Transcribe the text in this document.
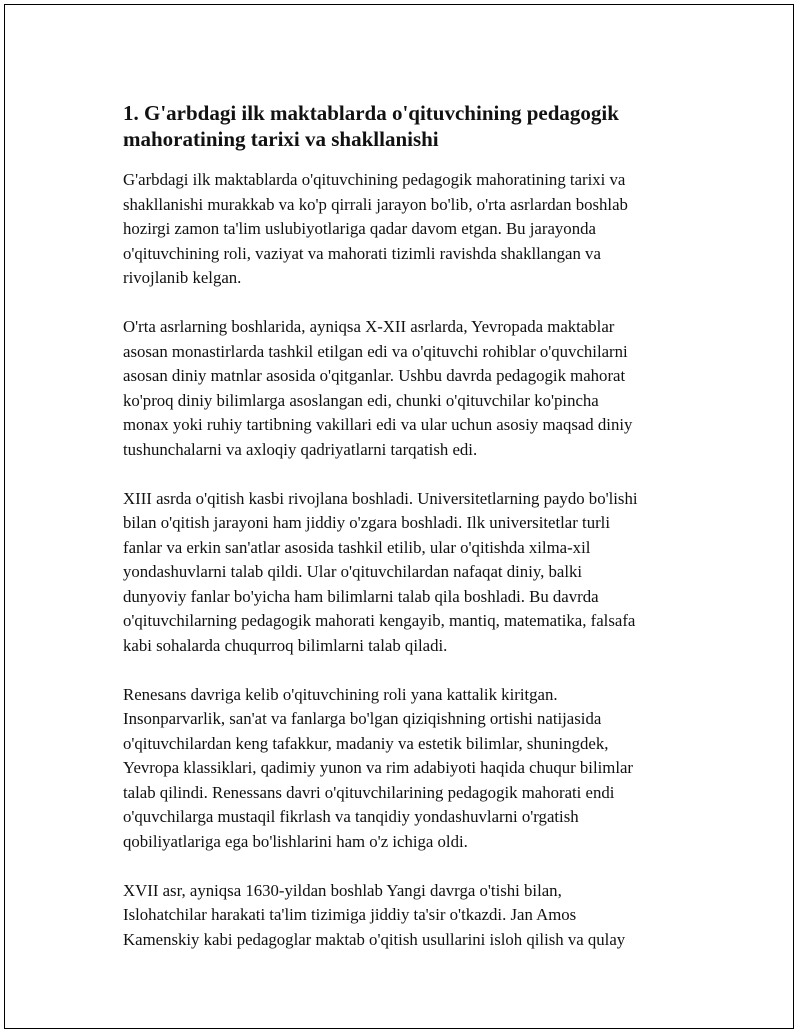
1. G'arbdagi ilk maktablarda o'qituvchining pedagogik
mahoratining tarixi va shakllanishi

G'arbdagi ilk maktablarda o'qituvchining pedagogik mahoratining tarixi va
shakllanishi murakkab va ko'p qirrali jarayon bo'lib, o'rta asrlardan boshlab
hozirgi zamon ta'lim uslubiyotlariga qadar davom etgan. Bu jarayonda
o'qituvchining roli, vaziyat va mahorati tizimli ravishda shakllangan va
rivojlanib kelgan.

O'rta asrlarning boshlarida, ayniqsa X-XII asrlarda, Yevropada maktablar
asosan monastirlarda tashkil etilgan edi va o'qituvchi rohiblar o'quvchilarni
asosan diniy matnlar asosida o'qitganlar. Ushbu davrda pedagogik mahorat
ko'proq diniy bilimlarga asoslangan edi, chunki o'qituvchilar ko'pincha
monax yoki ruhiy tartibning vakillari edi va ular uchun asosiy maqsad diniy
tushunchalarni va axloqiy qadriyatlarni tarqatish edi.

XIII asrda o'qitish kasbi rivojlana boshladi. Universitetlarning paydo bo'lishi
bilan o'qitish jarayoni ham jiddiy o'zgara boshladi. Ilk universitetlar turli
fanlar va erkin san'atlar asosida tashkil etilib, ular o'qitishda xilma-xil
yondashuvlarni talab qildi. Ular o'qituvchilardan nafaqat diniy, balki
dunyoviy fanlar bo'yicha ham bilimlarni talab qila boshladi. Bu davrda
o'qituvchilarning pedagogik mahorati kengayib, mantiq, matematika, falsafa
kabi sohalarda chuqurroq bilimlarni talab qiladi.

Renesans davriga kelib o'qituvchining roli yana kattalik kiritgan.
Insonparvarlik, san'at va fanlarga bo'lgan qiziqishning ortishi natijasida
o'qituvchilardan keng tafakkur, madaniy va estetik bilimlar, shuningdek,
Yevropa klassiklari, qadimiy yunon va rim adabiyoti haqida chuqur bilimlar
talab qilindi. Renessans davri o'qituvchilarining pedagogik mahorati endi
o'quvchilarga mustaqil fikrlash va tanqidiy yondashuvlarni o'rgatish
qobiliyatlariga ega bo'lishlarini ham o'z ichiga oldi.

XVII asr, ayniqsa 1630-yildan boshlab Yangi davrga o'tishi bilan,
Islohatchilar harakati ta'lim tizimiga jiddiy ta'sir o'tkazdi. Jan Amos
Kamenskiy kabi pedagoglar maktab o'qitish usullarini isloh qilish va qulay
